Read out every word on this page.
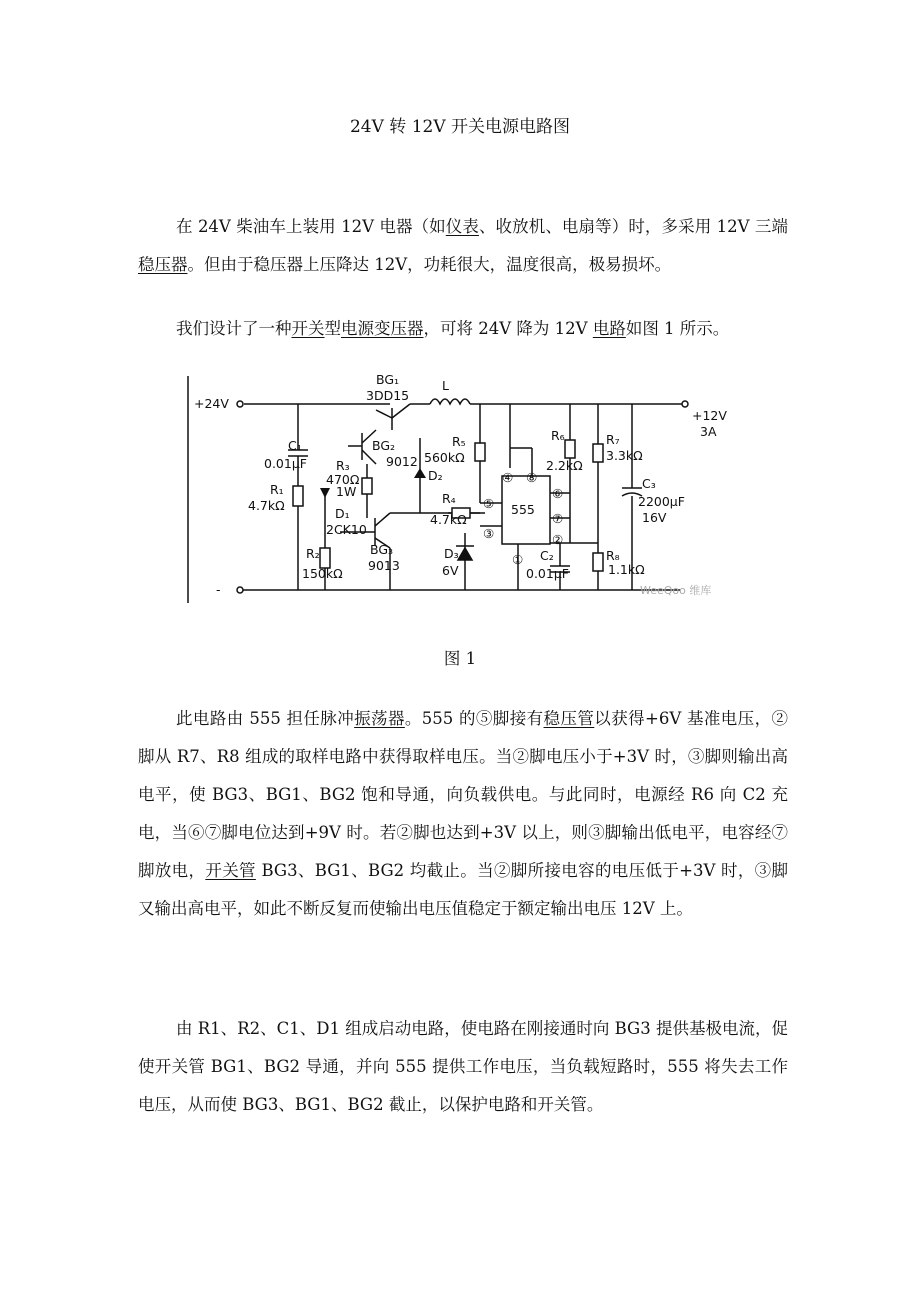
24V 转 12V 开关电源电路图

在 24V 柴油车上装用 12V 电器（如仪表、收放机、电扇等）时，多采用 12V 三端稳压器。但由于稳压器上压降达 12V，功耗很大，温度很高，极易损坏。

我们设计了一种开关型电源变压器，可将 24V 降为 12V 电路如图 1 所示。

+24V
-
+12V
3A
BG₁
3DD15
L
C₁
0.01μF
R₁
4.7kΩ
R₂
150kΩ
R₃
470Ω
1W
BG₂
9012
D₁
2CK10
D₂
BG₃
9013
R₅
560kΩ
R₄
4.7kΩ
D₃
6V
555
④ ⑧
⑤
③
⑥
⑦
②
①
R₆
2.2kΩ
C₂
0.01μF
R₇
3.3kΩ
R₈
1.1kΩ
C₃
2200μF
16V
WeeQoo 维库
图 1

此电路由 555 担任脉冲振荡器。555 的⑤脚接有稳压管以获得+6V 基准电压，②脚从 R7、R8 组成的取样电路中获得取样电压。当②脚电压小于+3V 时，③脚则输出高电平，使 BG3、BG1、BG2 饱和导通，向负载供电。与此同时，电源经 R6 向 C2 充电，当⑥⑦脚电位达到+9V 时。若②脚也达到+3V 以上，则③脚输出低电平，电容经⑦脚放电，开关管 BG3、BG1、BG2 均截止。当②脚所接电容的电压低于+3V 时，③脚又输出高电平，如此不断反复而使输出电压值稳定于额定输出电压 12V 上。

由 R1、R2、C1、D1 组成启动电路，使电路在刚接通时向 BG3 提供基极电流，促使开关管 BG1、BG2 导通，并向 555 提供工作电压，当负载短路时，555 将失去工作电压，从而使 BG3、BG1、BG2 截止，以保护电路和开关管。
